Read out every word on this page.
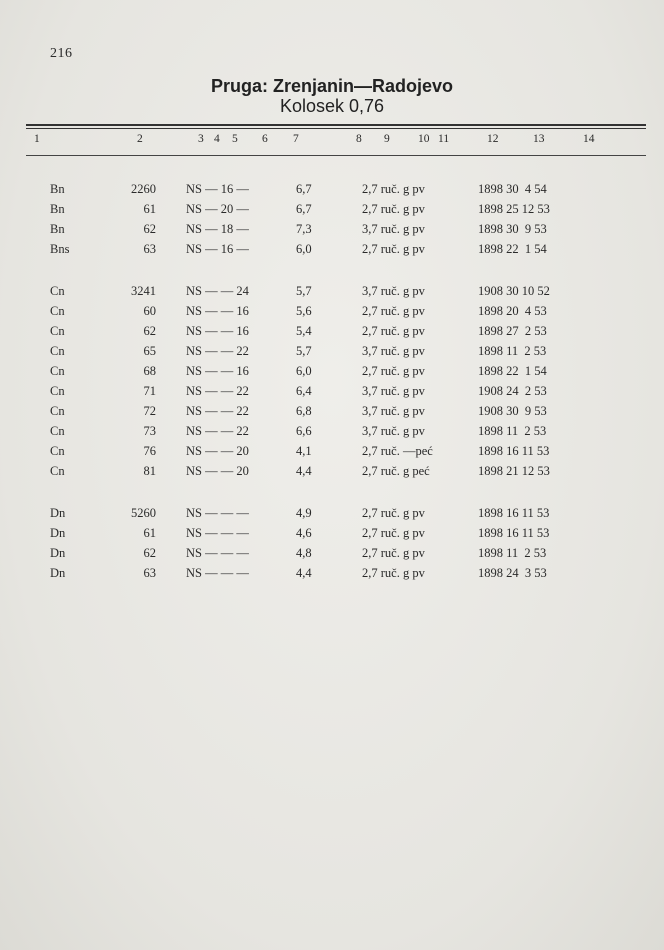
216
Pruga: Zrenjanin—Radojevo
Kolosek 0,76
1	2	3 4 5 6 7	8 9 10 11	12	13	14
Bn	2260 NS — 16 —	6,7	2,7 ruč. g pv	1898 30  4 54
Bn	61 NS — 20 —	6,7	2,7 ruč. g pv	1898 25 12 53
Bn	62 NS — 18 —	7,3	3,7 ruč. g pv	1898 30  9 53
Bns	63 NS — 16 —	6,0	2,7 ruč. g pv	1898 22  1 54
Cn	3241 NS — — 24	5,7	3,7 ruč. g pv	1908 30 10 52
Cn	60 NS — — 16	5,6	2,7 ruč. g pv	1898 20  4 53
Cn	62 NS — — 16	5,4	2,7 ruč. g pv	1898 27  2 53
Cn	65 NS — — 22	5,7	3,7 ruč. g pv	1898 11  2 53
Cn	68 NS — — 16	6,0	2,7 ruč. g pv	1898 22  1 54
Cn	71 NS — — 22	6,4	3,7 ruč. g pv	1908 24  2 53
Cn	72 NS — — 22	6,8	3,7 ruč. g pv	1908 30  9 53
Cn	73 NS — — 22	6,6	3,7 ruč. g pv	1898 11  2 53
Cn	76 NS — — 20	4,1	2,7 ruč. —peć	1898 16 11 53
Cn	81 NS — — 20	4,4	2,7 ruč. g peć	1898 21 12 53
Dn	5260 NS — — —	4,9	2,7 ruč. g pv	1898 16 11 53
Dn	61 NS — — —	4,6	2,7 ruč. g pv	1898 16 11 53
Dn	62 NS — — —	4,8	2,7 ruč. g pv	1898 11  2 53
Dn	63 NS — — —	4,4	2,7 ruč. g pv	1898 24  3 53
